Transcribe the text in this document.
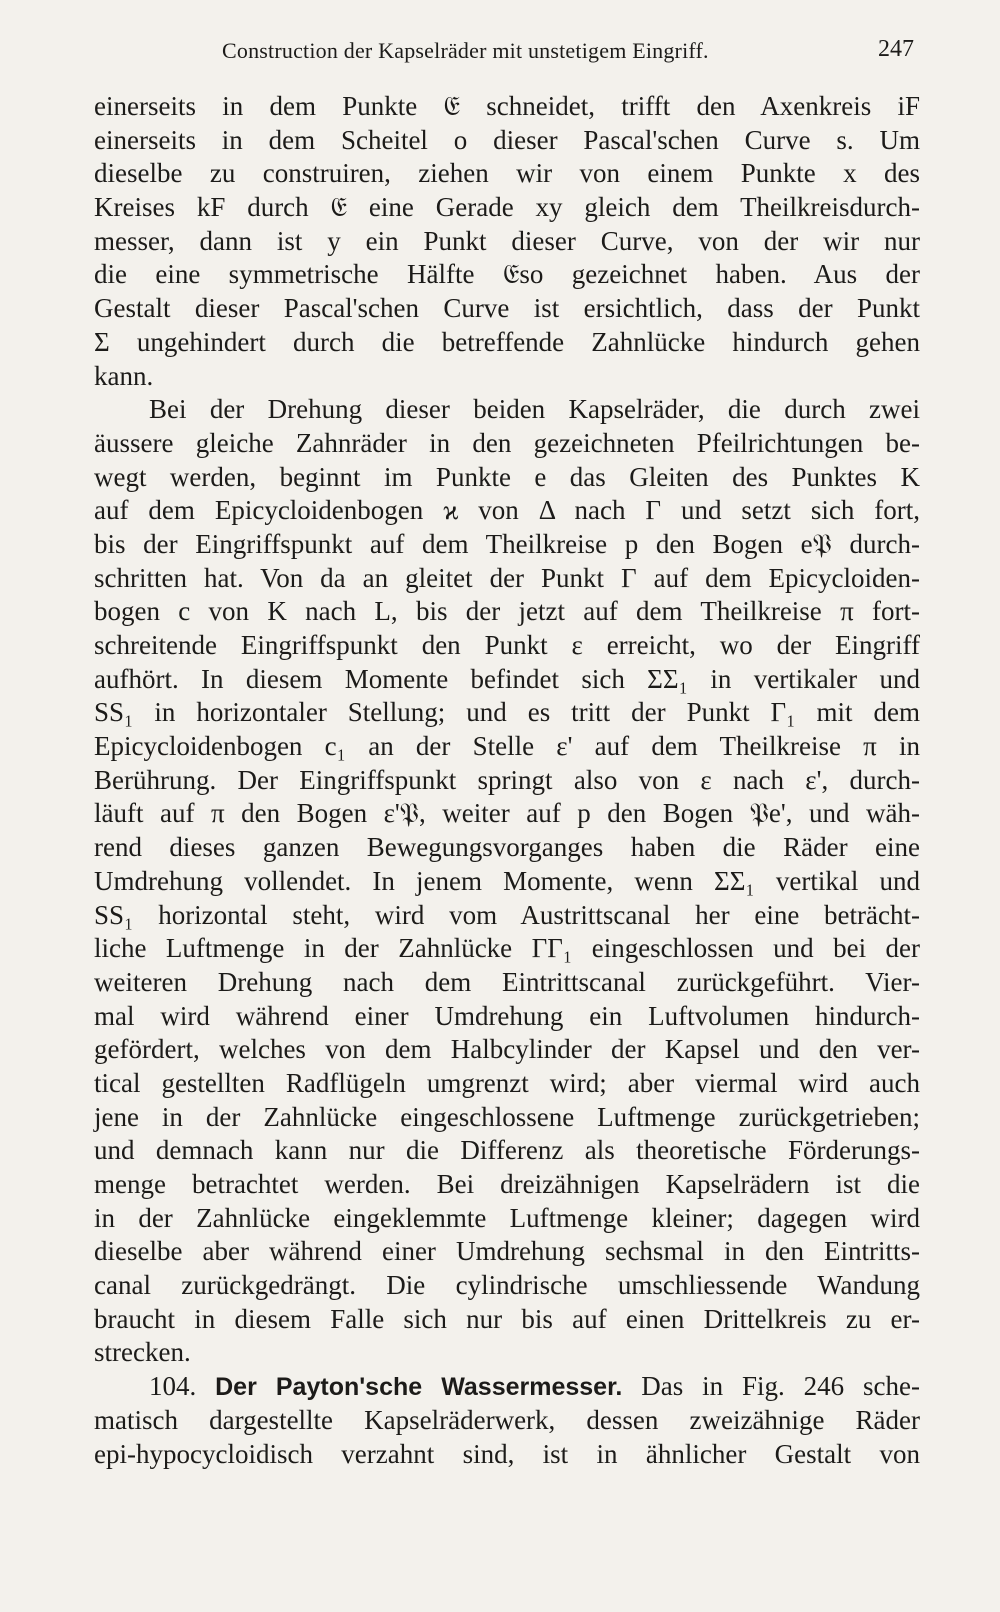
Construction der Kapselräder mit unstetigem Eingriff.	247
einerseits in dem Punkte 𝔈 schneidet, trifft den Axenkreis iF
einerseits in dem Scheitel o dieser Pascal'schen Curve s. Um
dieselbe zu construiren, ziehen wir von einem Punkte x des
Kreises kF durch 𝔈 eine Gerade xy gleich dem Theilkreisdurch-
messer, dann ist y ein Punkt dieser Curve, von der wir nur
die eine symmetrische Hälfte 𝔈so gezeichnet haben. Aus der
Gestalt dieser Pascal'schen Curve ist ersichtlich, dass der Punkt
Σ ungehindert durch die betreffende Zahnlücke hindurch gehen
kann.
Bei der Drehung dieser beiden Kapselräder, die durch zwei
äussere gleiche Zahnräder in den gezeichneten Pfeilrichtungen be-
wegt werden, beginnt im Punkte e das Gleiten des Punktes K
auf dem Epicycloidenbogen ϰ von Δ nach Γ und setzt sich fort,
bis der Eingriffspunkt auf dem Theilkreise p den Bogen e𝔓 durch-
schritten hat. Von da an gleitet der Punkt Γ auf dem Epicycloiden-
bogen c von K nach L, bis der jetzt auf dem Theilkreise π fort-
schreitende Eingriffspunkt den Punkt ε erreicht, wo der Eingriff
aufhört. In diesem Momente befindet sich ΣΣ₁ in vertikaler und
SS₁ in horizontaler Stellung; und es tritt der Punkt Γ₁ mit dem
Epicycloidenbogen c₁ an der Stelle ε' auf dem Theilkreise π in
Berührung. Der Eingriffspunkt springt also von ε nach ε', durch-
läuft auf π den Bogen ε'𝔓, weiter auf p den Bogen 𝔓e', und wäh-
rend dieses ganzen Bewegungsvorganges haben die Räder eine
Umdrehung vollendet. In jenem Momente, wenn ΣΣ₁ vertikal und
SS₁ horizontal steht, wird vom Austrittscanal her eine beträcht-
liche Luftmenge in der Zahnlücke ΓΓ₁ eingeschlossen und bei der
weiteren Drehung nach dem Eintrittscanal zurückgeführt. Vier-
mal wird während einer Umdrehung ein Luftvolumen hindurch-
gefördert, welches von dem Halbcylinder der Kapsel und den ver-
tical gestellten Radflügeln umgrenzt wird; aber viermal wird auch
jene in der Zahnlücke eingeschlossene Luftmenge zurückgetrieben;
und demnach kann nur die Differenz als theoretische Förderungs-
menge betrachtet werden. Bei dreizähnigen Kapselrädern ist die
in der Zahnlücke eingeklemmte Luftmenge kleiner; dagegen wird
dieselbe aber während einer Umdrehung sechsmal in den Eintritts-
canal zurückgedrängt. Die cylindrische umschliessende Wandung
braucht in diesem Falle sich nur bis auf einen Drittelkreis zu er-
strecken.
104. Der Payton'sche Wassermesser. Das in Fig. 246 sche-
matisch dargestellte Kapselräderwerk, dessen zweizähnige Räder
epi-hypocycloidisch verzahnt sind, ist in ähnlicher Gestalt von
